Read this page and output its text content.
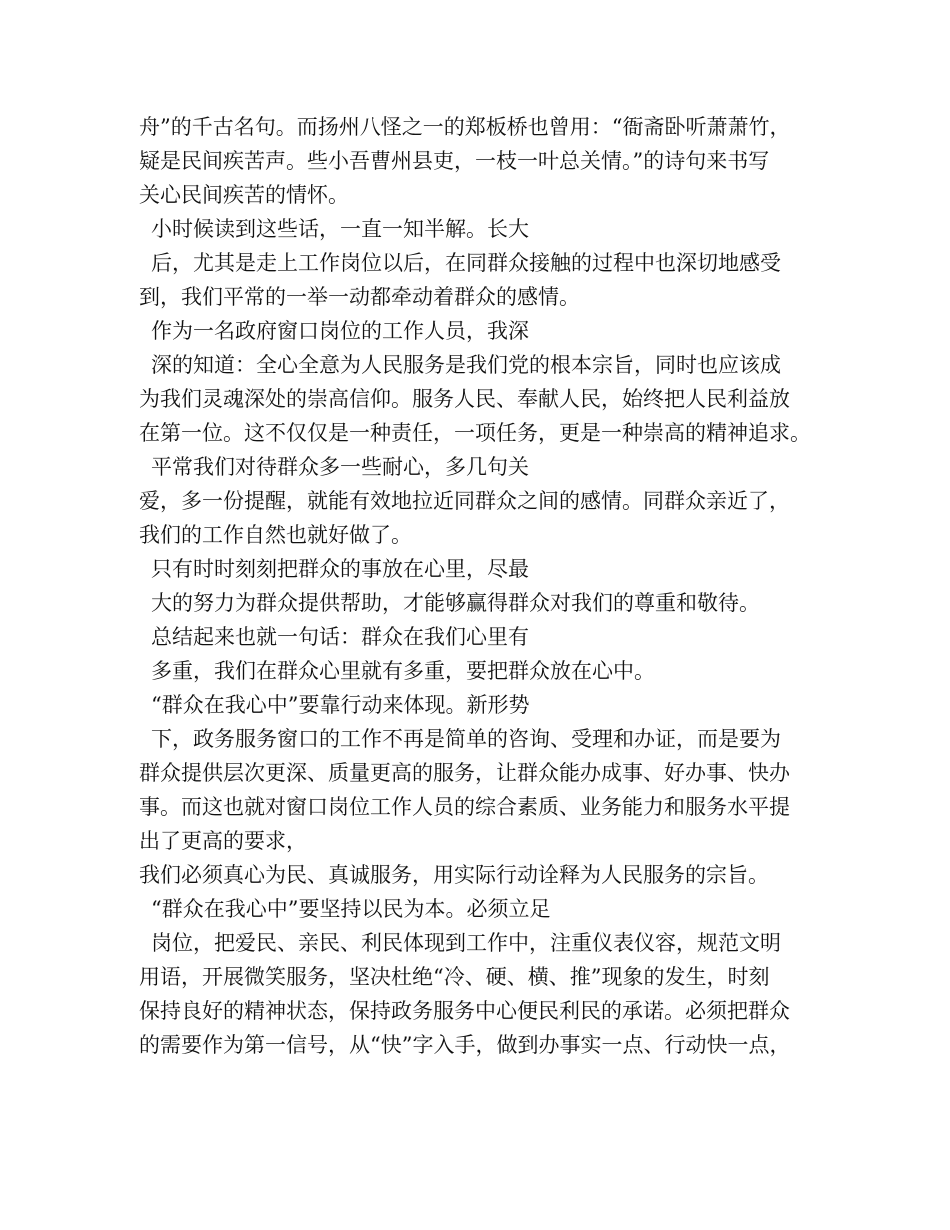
舟”的千古名句。而扬州八怪之一的郑板桥也曾用：“衙斋卧听萧萧竹，
疑是民间疾苦声。些小吾曹州县吏，一枝一叶总关情。”的诗句来书写
关心民间疾苦的情怀。
小时候读到这些话，一直一知半解。长大
后，尤其是走上工作岗位以后，在同群众接触的过程中也深切地感受
到，我们平常的一举一动都牵动着群众的感情。
作为一名政府窗口岗位的工作人员，我深
深的知道：全心全意为人民服务是我们党的根本宗旨，同时也应该成
为我们灵魂深处的崇高信仰。服务人民、奉献人民，始终把人民利益放
在第一位。这不仅仅是一种责任，一项任务，更是一种崇高的精神追求。
平常我们对待群众多一些耐心，多几句关
爱，多一份提醒，就能有效地拉近同群众之间的感情。同群众亲近了，
我们的工作自然也就好做了。
只有时时刻刻把群众的事放在心里，尽最
大的努力为群众提供帮助，才能够赢得群众对我们的尊重和敬待。
总结起来也就一句话：群众在我们心里有
多重，我们在群众心里就有多重，要把群众放在心中。
“群众在我心中”要靠行动来体现。新形势
下，政务服务窗口的工作不再是简单的咨询、受理和办证，而是要为
群众提供层次更深、质量更高的服务，让群众能办成事、好办事、快办
事。而这也就对窗口岗位工作人员的综合素质、业务能力和服务水平提
出了更高的要求，
我们必须真心为民、真诚服务，用实际行动诠释为人民服务的宗旨。
“群众在我心中”要坚持以民为本。必须立足
岗位，把爱民、亲民、利民体现到工作中，注重仪表仪容，规范文明
用语，开展微笑服务，坚决杜绝“冷、硬、横、推”现象的发生，时刻
保持良好的精神状态，保持政务服务中心便民利民的承诺。必须把群众
的需要作为第一信号，从“快”字入手，做到办事实一点、行动快一点，
